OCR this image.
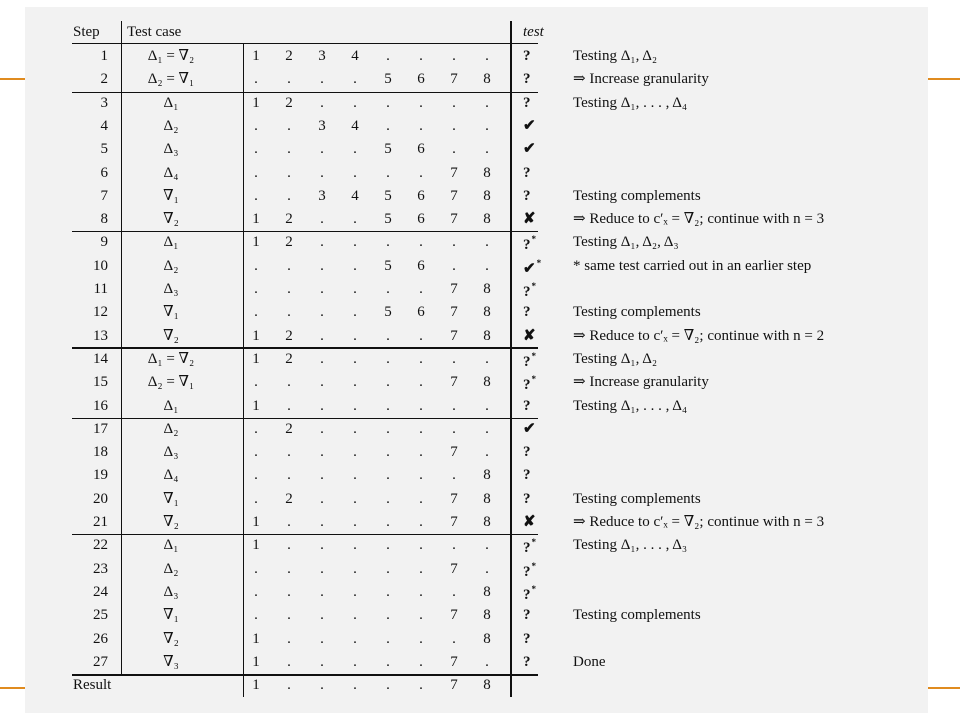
Step Test case	test
1	Δ₁ = ∇₂	1	2	3	4	.	.	.	.	?	Testing Δ₁, Δ₂
2	Δ₂ = ∇₁	.	.	.	.	5	6	7	8	?	⇒ Increase granularity
3	Δ₁	1	2	.	.	.	.	.	.	?	Testing Δ₁, . . . , Δ₄
4	Δ₂	.	.	3	4	.	.	.	.	✔
5	Δ₃	.	.	.	.	5	6	.	.	✔
6	Δ₄	.	.	.	.	.	.	7	8	?
7	∇₁	.	.	3	4	5	6	7	8	?	Testing complements
8	∇₂	1	2	.	.	5	6	7	8	✘ ⇒ Reduce to c′ₓ = ∇₂; continue with n = 3
9	Δ₁	1	2	.	.	.	.	.	.	?* Testing Δ₁, Δ₂, Δ₃
10	Δ₂	.	.	.	.	5	6	.	.	✔* * same test carried out in an earlier step
11	Δ₃	.	.	.	.	.	.	7	8	?*
12	∇₁	.	.	.	.	5	6	7	8	?	Testing complements
13	∇₂	1	2	.	.	.	.	7	8	✘ ⇒ Reduce to c′ₓ = ∇₂; continue with n = 2
14	Δ₁ = ∇₂	1	2	.	.	.	.	.	.	?* Testing Δ₁, Δ₂
15	Δ₂ = ∇₁	.	.	.	.	.	.	7	8	?* ⇒ Increase granularity
16	Δ₁	1	.	.	.	.	.	.	.	?	Testing Δ₁, . . . , Δ₄
17	Δ₂	.	2	.	.	.	.	.	.	✔
18	Δ₃	.	.	.	.	.	.	7	.	?
19	Δ₄	.	.	.	.	.	.	.	8	?
20	∇₁	.	2	.	.	.	.	7	8	?	Testing complements
21	∇₂	1	.	.	.	.	.	7	8	✘ ⇒ Reduce to c′ₓ = ∇₂; continue with n = 3
22	Δ₁	1	.	.	.	.	.	.	.	?* Testing Δ₁, . . . , Δ₃
23	Δ₂	.	.	.	.	.	.	7	.	?*
24	Δ₃	.	.	.	.	.	.	.	8	?*
25	∇₁	.	.	.	.	.	.	7	8	?	Testing complements
26	∇₂	1	.	.	.	.	.	.	8	?
27	∇₃	1	.	.	.	.	.	7	.	?	Done
Result	1	.	.	.	.	.	7	8
